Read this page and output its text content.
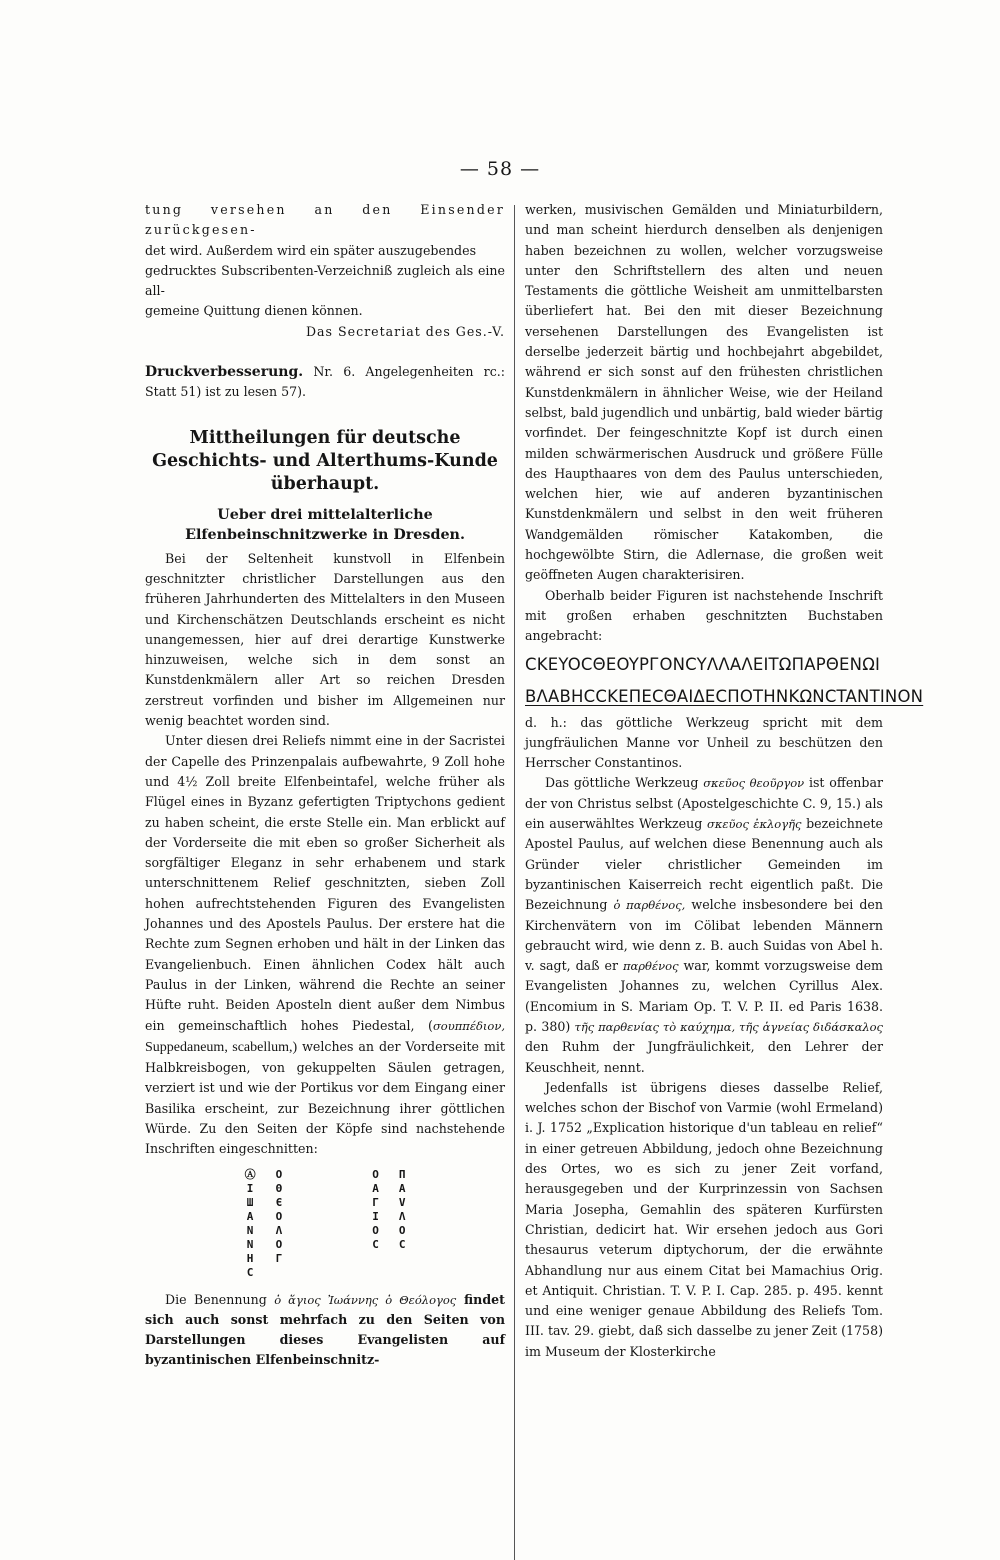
— 58 —

tung versehen an den Einsender zurückgesen-

det wird. Außerdem wird ein später auszugebendes

gedrucktes Subscribenten-Verzeichniß zugleich als eine all-

gemeine Quittung dienen können.

Das Secretariat des Ges.-V.

Druckverbesserung. Nr. 6. Angelegenheiten rc.: Statt 51) ist zu lesen 57).

Mittheilungen für deutsche Geschichts- und Alterthums-Kunde überhaupt.
Ueber drei mittelalterliche Elfenbeinschnitzwerke in Dresden.

Bei der Seltenheit kunstvoll in Elfenbein geschnitzter christlicher Darstellungen aus den früheren Jahrhunderten des Mittelalters in den Museen und Kirchenschätzen Deutschlands erscheint es nicht unangemessen, hier auf drei derartige Kunstwerke hinzuweisen, welche sich in dem sonst an Kunstdenkmälern aller Art so reichen Dresden zerstreut vorfinden und bisher im Allgemeinen nur wenig beachtet worden sind.

Unter diesen drei Reliefs nimmt eine in der Sacristei der Capelle des Prinzenpalais aufbewahrte, 9 Zoll hohe und 4½ Zoll breite Elfenbeintafel, welche früher als Flügel eines in Byzanz gefertigten Triptychons gedient zu haben scheint, die erste Stelle ein. Man erblickt auf der Vorderseite die mit eben so großer Sicherheit als sorgfältiger Eleganz in sehr erhabenem und stark unterschnittenem Relief geschnitzten, sieben Zoll hohen aufrechtstehenden Figuren des Evangelisten Johannes und des Apostels Paulus. Der erstere hat die Rechte zum Segnen erhoben und hält in der Linken das Evangelienbuch. Einen ähnlichen Codex hält auch Paulus in der Linken, während die Rechte an seiner Hüfte ruht. Beiden Aposteln dient außer dem Nimbus ein gemeinschaftlich hohes Piedestal, (σουππέδιον, Suppedaneum, scabellum,) welches an der Vorderseite mit Halbkreisbogen, von gekuppelten Säulen getragen, verziert ist und wie der Portikus vor dem Eingang einer Basilika erscheint, zur Bezeichnung ihrer göttlichen Würde. Zu den Seiten der Köpfe sind nachstehende Inschriften eingeschnitten:

Ⓐ
I
Ш
A
N
N
H
C
O
Θ
Є
O
Λ
O
Г
O
A
Г
I
O
C
Π
A
V
Λ
O
C

Die Benennung ὁ ἅγιος Ἰωάννης ὁ Θεόλογος findet sich auch sonst mehrfach zu den Seiten von Darstellungen dieses Evangelisten auf byzantinischen Elfenbeinschnitz-

werken, musivischen Gemälden und Miniaturbildern, und man scheint hierdurch denselben als denjenigen haben bezeichnen zu wollen, welcher vorzugsweise unter den Schriftstellern des alten und neuen Testaments die göttliche Weisheit am unmittelbarsten überliefert hat. Bei den mit dieser Bezeichnung versehenen Darstellungen des Evangelisten ist derselbe jederzeit bärtig und hochbejahrt abgebildet, während er sich sonst auf den frühesten christlichen Kunstdenkmälern in ähnlicher Weise, wie der Heiland selbst, bald jugendlich und unbärtig, bald wieder bärtig vorfindet. Der feingeschnitzte Kopf ist durch einen milden schwärmerischen Ausdruck und größere Fülle des Haupthaares von dem des Paulus unterschieden, welchen hier, wie auf anderen byzantinischen Kunstdenkmälern und selbst in den weit früheren Wandgemälden römischer Katakomben, die hochgewölbte Stirn, die Adlernase, die großen weit geöffneten Augen charakterisiren.

Oberhalb beider Figuren ist nachstehende Inschrift mit großen erhaben geschnitzten Buchstaben angebracht:

CKEYOCΘEOYPГONCYΛΛAΛEITΩΠAPΘENΩI
BΛABHCCKEΠECΘAIΔECΠOTHNKΩNCTANTINON

d. h.: das göttliche Werkzeug spricht mit dem jungfräulichen Manne vor Unheil zu beschützen den Herrscher Constantinos.

Das göttliche Werkzeug σκεῦος θεοῦργον ist offenbar der von Christus selbst (Apostelgeschichte C. 9, 15.) als ein auserwähltes Werkzeug σκεῦος ἐκλογῆς bezeichnete Apostel Paulus, auf welchen diese Benennung auch als Gründer vieler christlicher Gemeinden im byzantinischen Kaiserreich recht eigentlich paßt. Die Bezeichnung ὁ παρθένος, welche insbesondere bei den Kirchenvätern von im Cölibat lebenden Männern gebraucht wird, wie denn z. B. auch Suidas von Abel h. v. sagt, daß er παρθένος war, kommt vorzugsweise dem Evangelisten Johannes zu, welchen Cyrillus Alex. (Encomium in S. Mariam Op. T. V. P. II. ed Paris 1638. p. 380) τῆς παρθενίας τὸ καύχημα, τῆς ἁγνείας διδάσκαλος den Ruhm der Jungfräulichkeit, den Lehrer der Keuschheit, nennt.

Jedenfalls ist übrigens dieses dasselbe Relief, welches schon der Bischof von Varmie (wohl Ermeland) i. J. 1752 „Explication historique d'un tableau en relief“ in einer getreuen Abbildung, jedoch ohne Bezeichnung des Ortes, wo es sich zu jener Zeit vorfand, herausgegeben und der Kurprinzessin von Sachsen Maria Josepha, Gemahlin des späteren Kurfürsten Christian, dedicirt hat. Wir ersehen jedoch aus Gori thesaurus veterum diptychorum, der die erwähnte Abhandlung nur aus einem Citat bei Mamachius Orig. et Antiquit. Christian. T. V. P. I. Cap. 285. p. 495. kennt und eine weniger genaue Abbildung des Reliefs Tom. III. tav. 29. giebt, daß sich dasselbe zu jener Zeit (1758) im Museum der Klosterkirche
